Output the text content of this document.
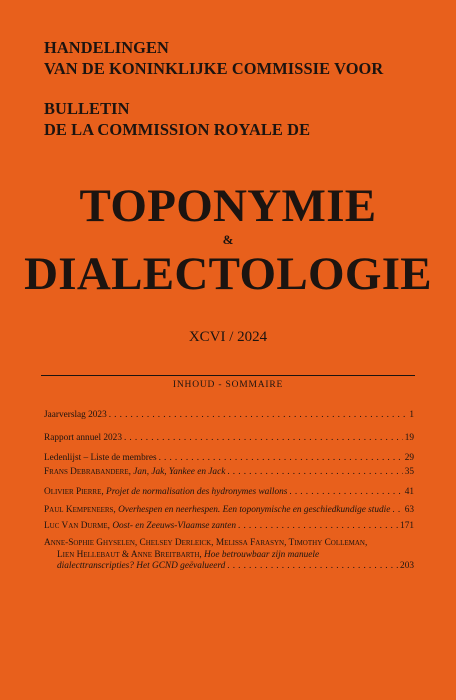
HANDELINGEN
VAN DE KONINKLIJKE COMMISSIE VOOR
BULLETIN
DE LA COMMISSION ROYALE DE
TOPONYMIE
&
DIALECTOLOGIE
XCVI / 2024
INHOUD - SOMMAIRE
Jaarverslag 2023 . . .	1
Rapport annuel 2023 . . .	19
Ledenlijst – Liste de membres . . .	29
Frans Debrabandere, Jan, Jak, Yankee en Jack . . .	35
Olivier Pierre, Projet de normalisation des hydronymes wallons . . .	41
Paul Kempeneers, Overhespen en neerhespen. Een toponymische en geschiedkundige studie . . . 63
Luc Van Durme, Oost- en Zeeuws-Vlaamse zanten . . .	171
Anne-Sophie Ghyselen, Chelsey Derleick, Melissa Farasyn, Timothy Colleman,
Lien Hellebaut & Anne Breitbarth, Hoe betrouwbaar zijn manuele
dialecttranscripties? Het GCND geëvalueerd . . .	203
